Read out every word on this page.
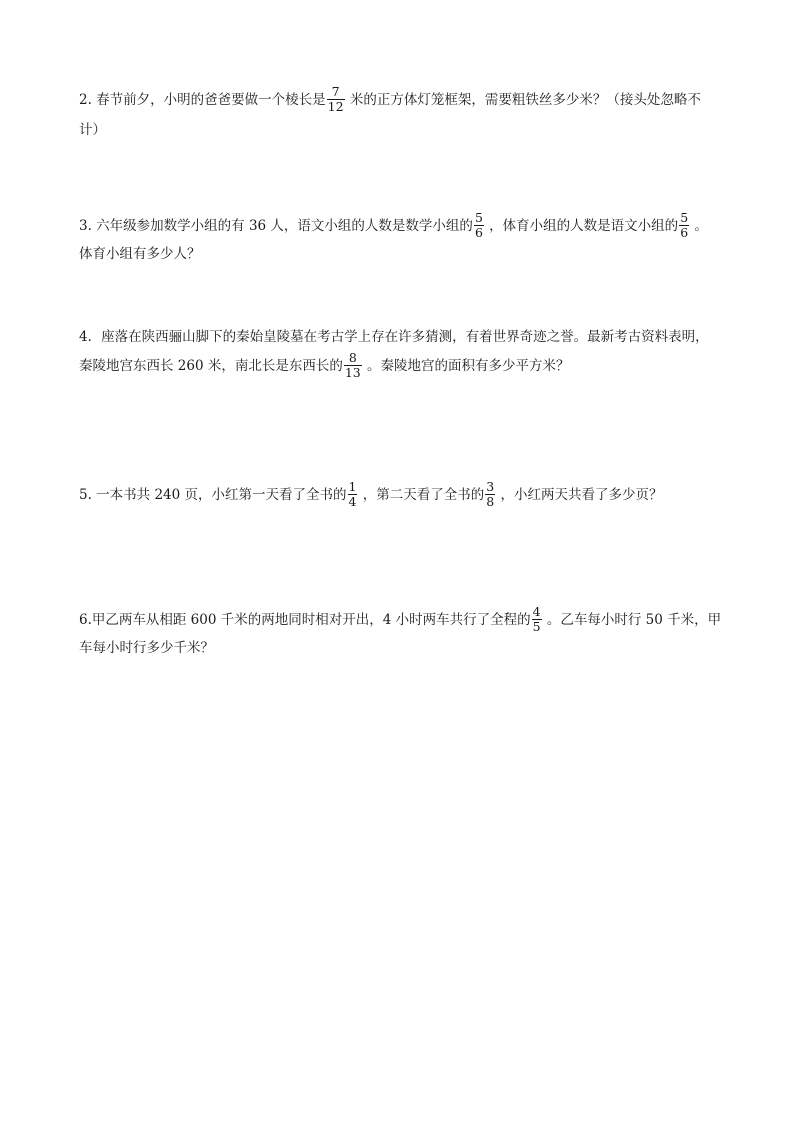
2. 春节前夕，小明的爸爸要做一个棱长是 $\frac{7}{12}$ 米的正方体灯笼框架，需要粗铁丝多少米？（接头处忽略不
计）
3. 六年级参加数学小组的有 36 人，语文小组的人数是数学小组的 $\frac{5}{6}$ ，体育小组的人数是语文小组的 $\frac{5}{6}$ 。
体育小组有多少人？
4．座落在陕西骊山脚下的秦始皇陵墓在考古学上存在许多猜测，有着世界奇迹之誉。最新考古资料表明，
秦陵地宫东西长 260 米，南北长是东西长的 $\frac{8}{13}$ 。秦陵地宫的面积有多少平方米？
5. 一本书共 240 页，小红第一天看了全书的 $\frac{1}{4}$ ，第二天看了全书的 $\frac{3}{8}$ ，小红两天共看了多少页？
6.甲乙两车从相距 600 千米的两地同时相对开出，4 小时两车共行了全程的 $\frac{4}{5}$ 。乙车每小时行 50 千米，甲
车每小时行多少千米？
